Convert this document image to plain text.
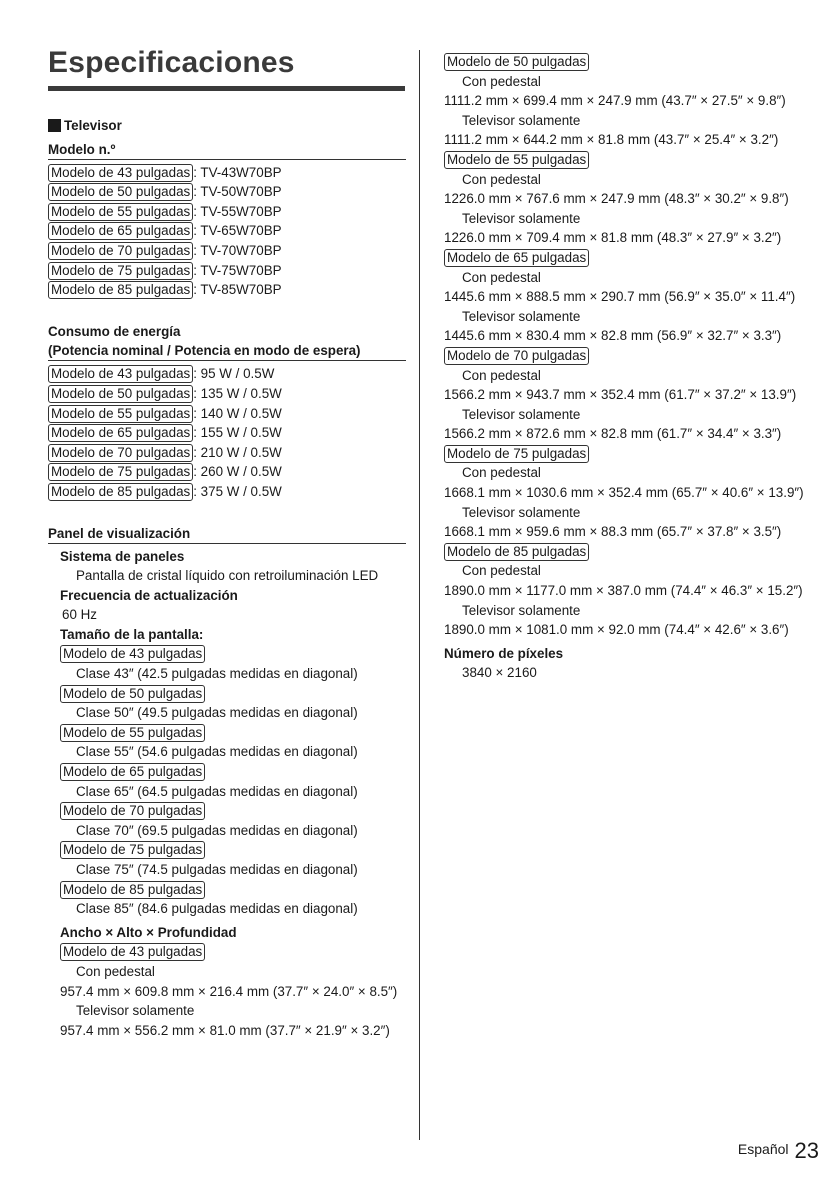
Especificaciones
Televisor
Modelo n.º
Modelo de 43 pulgadas : TV-43W70BP
Modelo de 50 pulgadas : TV-50W70BP
Modelo de 55 pulgadas : TV-55W70BP
Modelo de 65 pulgadas : TV-65W70BP
Modelo de 70 pulgadas : TV-70W70BP
Modelo de 75 pulgadas : TV-75W70BP
Modelo de 85 pulgadas : TV-85W70BP
Consumo de energía
(Potencia nominal / Potencia en modo de espera)
Modelo de 43 pulgadas : 95 W / 0.5W
Modelo de 50 pulgadas : 135 W / 0.5W
Modelo de 55 pulgadas : 140 W / 0.5W
Modelo de 65 pulgadas : 155 W / 0.5W
Modelo de 70 pulgadas : 210 W / 0.5W
Modelo de 75 pulgadas : 260 W / 0.5W
Modelo de 85 pulgadas : 375 W / 0.5W
Panel de visualización
Sistema de paneles
Pantalla de cristal líquido con retroiluminación LED
Frecuencia de actualización
60 Hz
Tamaño de la pantalla:
Modelo de 43 pulgadas
Clase 43″ (42.5 pulgadas medidas en diagonal)
Modelo de 50 pulgadas
Clase 50″ (49.5 pulgadas medidas en diagonal)
Modelo de 55 pulgadas
Clase 55″ (54.6 pulgadas medidas en diagonal)
Modelo de 65 pulgadas
Clase 65″ (64.5 pulgadas medidas en diagonal)
Modelo de 70 pulgadas
Clase 70″ (69.5 pulgadas medidas en diagonal)
Modelo de 75 pulgadas
Clase 75″ (74.5 pulgadas medidas en diagonal)
Modelo de 85 pulgadas
Clase 85″ (84.6 pulgadas medidas en diagonal)
Ancho × Alto × Profundidad
Modelo de 43 pulgadas
Con pedestal
957.4 mm × 609.8 mm × 216.4 mm (37.7″ × 24.0″ × 8.5″)
Televisor solamente
957.4 mm × 556.2 mm × 81.0 mm (37.7″ × 21.9″ × 3.2″)
Modelo de 50 pulgadas
Con pedestal
1111.2 mm × 699.4 mm × 247.9 mm (43.7″ × 27.5″ × 9.8″)
Televisor solamente
1111.2 mm × 644.2 mm × 81.8 mm (43.7″ × 25.4″ × 3.2″)
Modelo de 55 pulgadas
Con pedestal
1226.0 mm × 767.6 mm × 247.9 mm (48.3″ × 30.2″ × 9.8″)
Televisor solamente
1226.0 mm × 709.4 mm × 81.8 mm (48.3″ × 27.9″ × 3.2″)
Modelo de 65 pulgadas
Con pedestal
1445.6 mm × 888.5 mm × 290.7 mm (56.9″ × 35.0″ × 11.4″)
Televisor solamente
1445.6 mm × 830.4 mm × 82.8 mm (56.9″ × 32.7″ × 3.3″)
Modelo de 70 pulgadas
Con pedestal
1566.2 mm × 943.7 mm × 352.4 mm (61.7″ × 37.2″ × 13.9″)
Televisor solamente
1566.2 mm × 872.6 mm × 82.8 mm (61.7″ × 34.4″ × 3.3″)
Modelo de 75 pulgadas
Con pedestal
1668.1 mm × 1030.6 mm × 352.4 mm (65.7″ × 40.6″ × 13.9″)
Televisor solamente
1668.1 mm × 959.6 mm × 88.3 mm (65.7″ × 37.8″ × 3.5″)
Modelo de 85 pulgadas
Con pedestal
1890.0 mm × 1177.0 mm × 387.0 mm (74.4″ × 46.3″ × 15.2″)
Televisor solamente
1890.0 mm × 1081.0 mm × 92.0 mm (74.4″ × 42.6″ × 3.6″)
Número de píxeles
3840 × 2160
Español 23
